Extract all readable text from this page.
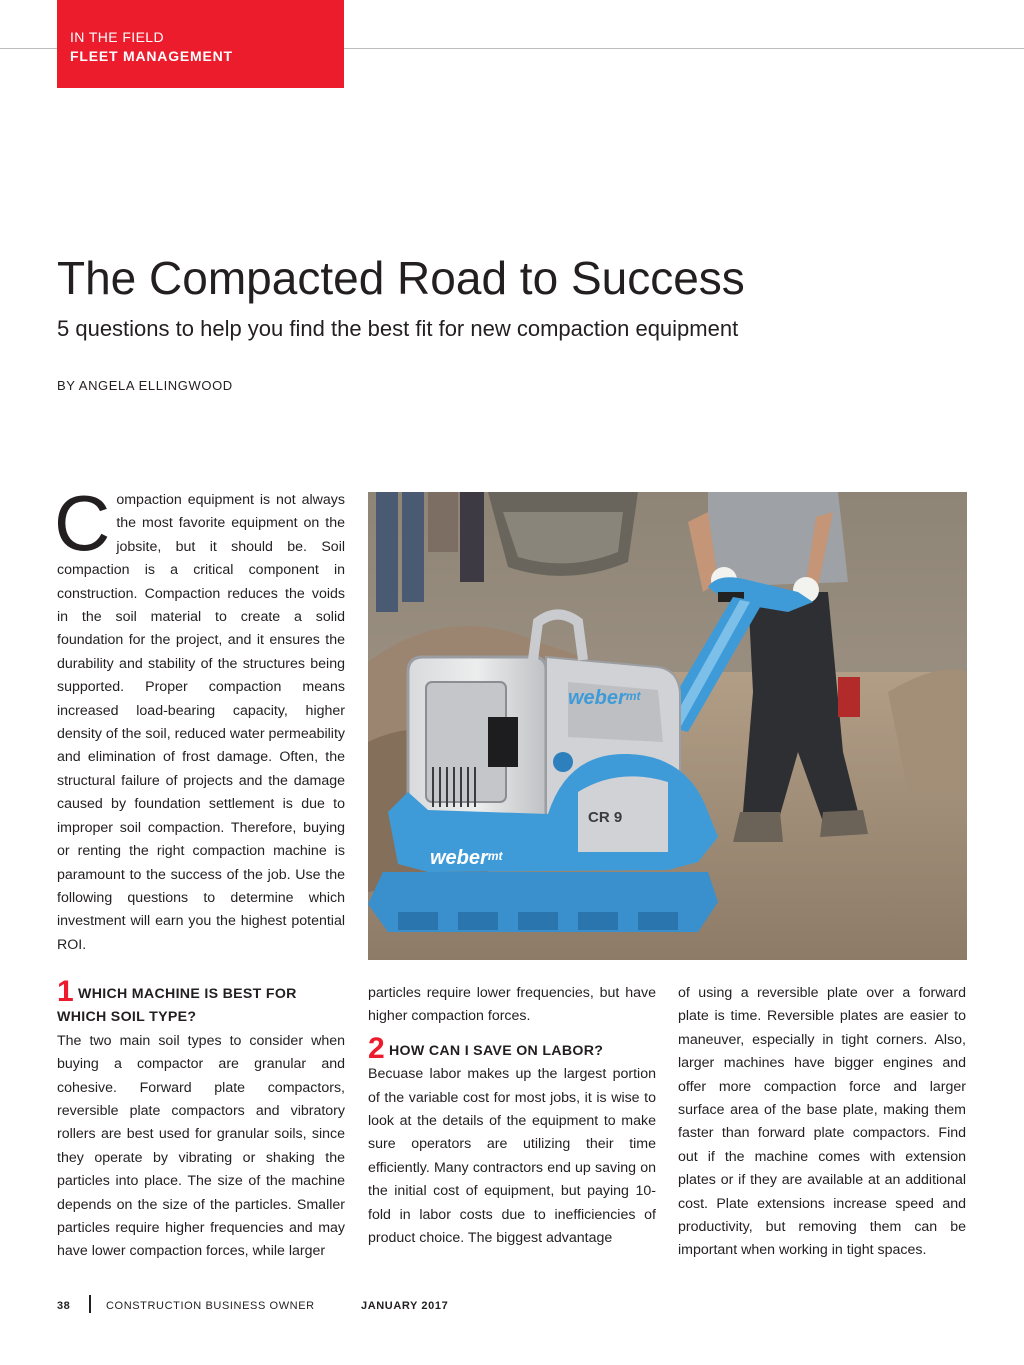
IN THE FIELD
FLEET MANAGEMENT
The Compacted Road to Success
5 questions to help you find the best fit for new compaction equipment
BY ANGELA ELLINGWOOD
C ompaction equipment is not always the most favorite equipment on the jobsite, but it should be. Soil compaction is a critical component in construction. Compaction reduces the voids in the soil material to create a solid foundation for the project, and it ensures the durability and stability of the structures being supported. Proper compaction means increased load-bearing capacity, higher density of the soil, reduced water permeability and elimination of frost damage. Often, the structural failure of projects and the damage caused by foundation settlement is due to improper soil compaction. Therefore, buying or renting the right compaction machine is paramount to the success of the job. Use the following questions to determine which investment will earn you the highest potential ROI.

weber$^{mt}$
CR 9
weber$^{mt}$
1 WHICH MACHINE IS BEST FOR WHICH SOIL TYPE?

The two main soil types to consider when buying a compactor are granular and cohesive. Forward plate compactors, reversible plate compactors and vibratory rollers are best used for granular soils, since they operate by vibrating or shaking the particles into place. The size of the machine depends on the size of the particles. Smaller particles require higher frequencies and may have lower compaction forces, while larger

particles require lower frequencies, but have higher compaction forces.

2 HOW CAN I SAVE ON LABOR?

Becuase labor makes up the largest portion of the variable cost for most jobs, it is wise to look at the details of the equipment to make sure operators are utilizing their time efficiently. Many contractors end up saving on the initial cost of equipment, but paying 10-fold in labor costs due to inefficiencies of product choice. The biggest advantage

of using a reversible plate over a forward plate is time. Reversible plates are easier to maneuver, especially in tight corners. Also, larger machines have bigger engines and offer more compaction force and larger surface area of the base plate, making them faster than forward plate compactors. Find out if the machine comes with extension plates or if they are available at an additional cost. Plate extensions increase speed and productivity, but removing them can be important when working in tight spaces.

38	CONSTRUCTION BUSINESS OWNER	JANUARY 2017
